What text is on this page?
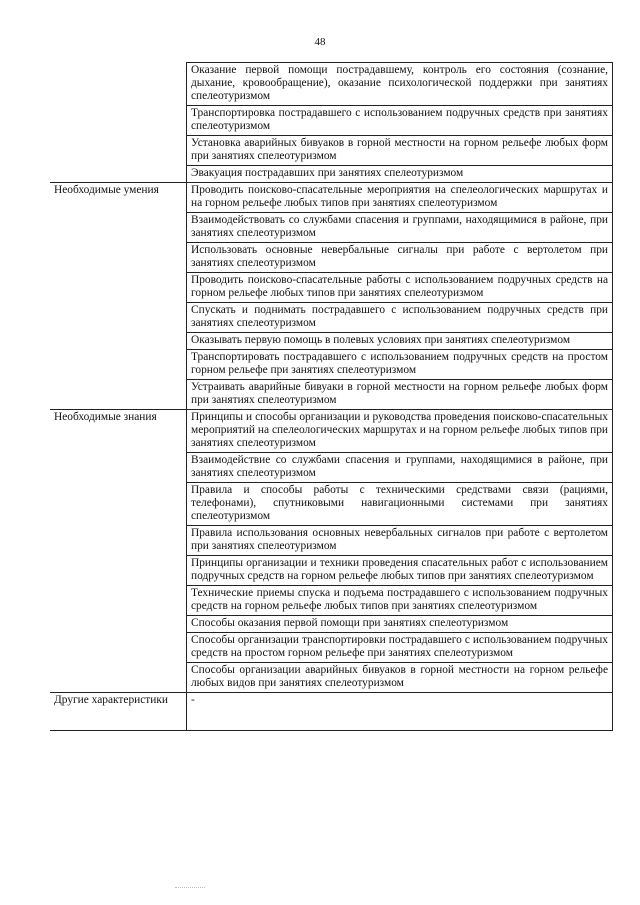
48
	Оказание первой помощи пострадавшему, контроль его состояния (сознание, дыхание, кровообращение), оказание психологической поддержки при занятиях спелеотуризмом
	Транспортировка пострадавшего с использованием подручных средств при занятиях спелеотуризмом
	Установка аварийных бивуаков в горной местности на горном рельефе любых форм при занятиях спелеотуризмом
	Эвакуация пострадавших при занятиях спелеотуризмом
Необходимые умения	Проводить поисково-спасательные мероприятия на спелеологических маршрутах и на горном рельефе любых типов при занятиях спелеотуризмом
	Взаимодействовать со службами спасения и группами, находящимися в районе, при занятиях спелеотуризмом
	Использовать основные невербальные сигналы при работе с вертолетом при занятиях спелеотуризмом
	Проводить поисково-спасательные работы с использованием подручных средств на горном рельефе любых типов при занятиях спелеотуризмом
	Спускать и поднимать пострадавшего с использованием подручных средств при занятиях спелеотуризмом
	Оказывать первую помощь в полевых условиях при занятиях спелеотуризмом
	Транспортировать пострадавшего с использованием подручных средств на простом горном рельефе при занятиях спелеотуризмом
	Устраивать аварийные бивуаки в горной местности на горном рельефе любых форм при занятиях спелеотуризмом
Необходимые знания	Принципы и способы организации и руководства проведения поисково-спасательных мероприятий на спелеологических маршрутах и на горном рельефе любых типов при занятиях спелеотуризмом
	Взаимодействие со службами спасения и группами, находящимися в районе, при занятиях спелеотуризмом
	Правила и способы работы с техническими средствами связи (рациями, телефонами), спутниковыми навигационными системами при занятиях спелеотуризмом
	Правила использования основных невербальных сигналов при работе с вертолетом при занятиях спелеотуризмом
	Принципы организации и техники проведения спасательных работ с использованием подручных средств на горном рельефе любых типов при занятиях спелеотуризмом
	Технические приемы спуска и подъема пострадавшего с использованием подручных средств на горном рельефе любых типов при занятиях спелеотуризмом
	Способы оказания первой помощи при занятиях спелеотуризмом
	Способы организации транспортировки пострадавшего с использованием подручных средств на простом горном рельефе при занятиях спелеотуризмом
	Способы организации аварийных бивуаков в горной местности на горном рельефе любых видов при занятиях спелеотуризмом
Другие характеристики	-
